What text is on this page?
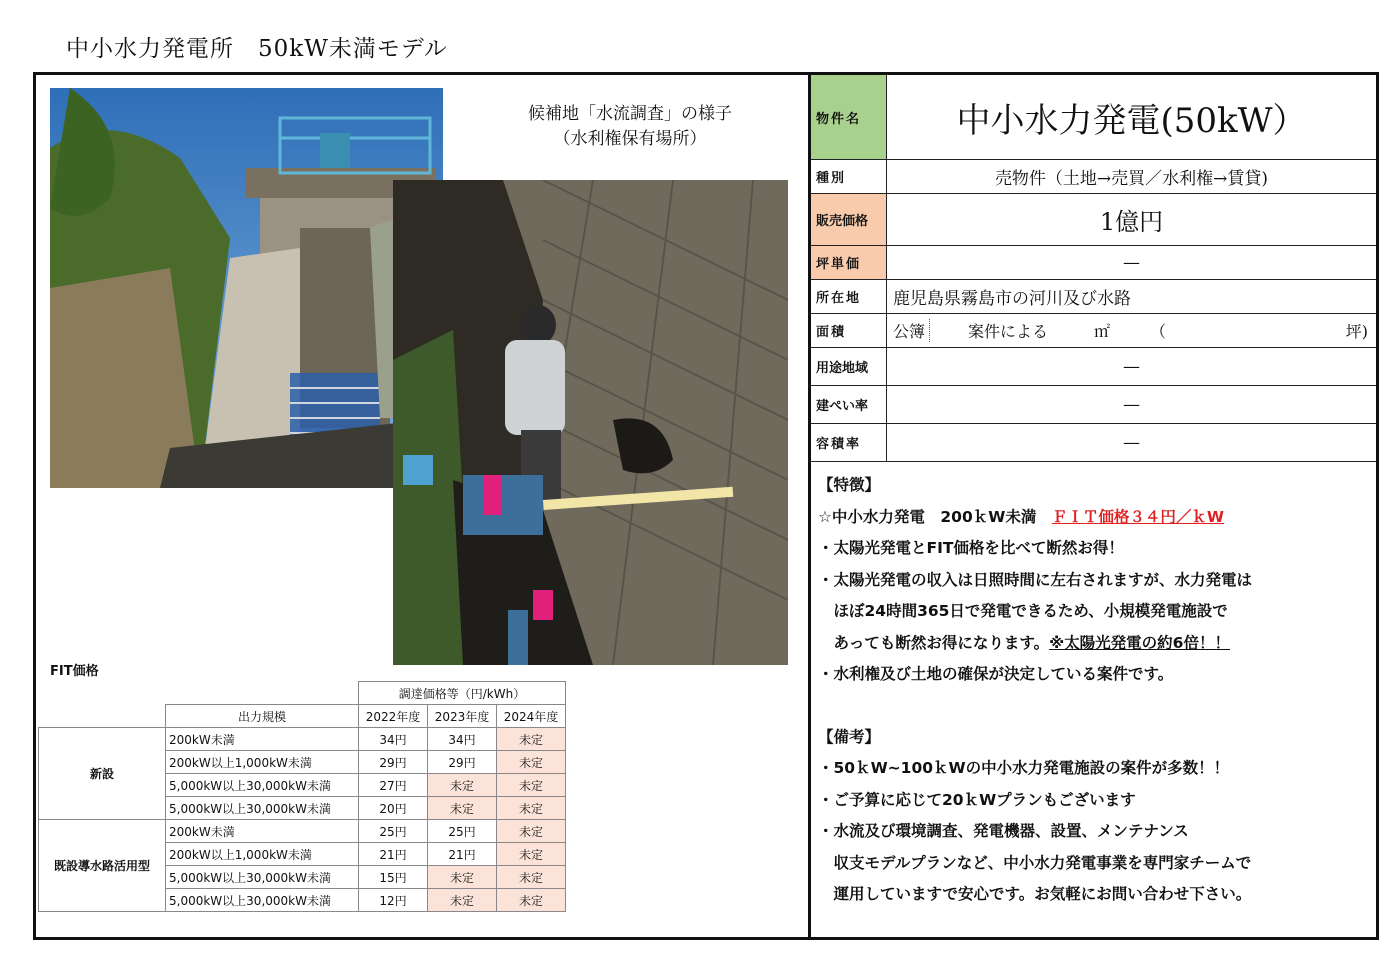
中小水力発電所　50kW未満モデル
候補地「水流調査」の様子
（水利権保有場所）
FIT価格
		調達価格等（円/kWh）		
	出力規模	2022年度	2023年度	2024年度
新設	200kW未満	34円	34円	未定
	200kW以上1,000kW未満	29円	29円	未定
	5,000kW以上30,000kW未満	27円	未定	未定
	5,000kW以上30,000kW未満	20円	未定	未定
既設導水路活用型	200kW未満	25円	25円	未定
	200kW以上1,000kW未満	21円	21円	未定
	5,000kW以上30,000kW未満	15円	未定	未定
	5,000kW以上30,000kW未満	12円	未定	未定
物件名	中小水力発電(50kW）
種別	売物件（土地→売買／水利権→賃貸)
販売価格	1億円
坪単価	—
所在地	鹿児島県霧島市の河川及び水路
面積	公簿	案件による	㎡	（	坪)
用途地域	—
建ぺい率	—
容積率	—
【特徴】
☆中小水力発電　200ｋW未満　ＦＩＴ価格３４円／ｋW
・太陽光発電とFIT価格を比べて断然お得！
・太陽光発電の収入は日照時間に左右されますが、水力発電は
　ほぼ24時間365日で発電できるため、小規模発電施設で
　あっても断然お得になります。※太陽光発電の約6倍！！
・水利権及び土地の確保が決定している案件です。
【備考】
・50ｋW~100ｋWの中小水力発電施設の案件が多数！！
・ご予算に応じて20ｋWプランもございます
・水流及び環境調査、発電機器、設置、メンテナンス
　収支モデルプランなど、中小水力発電事業を専門家チームで
　運用していますで安心です。お気軽にお問い合わせ下さい。
